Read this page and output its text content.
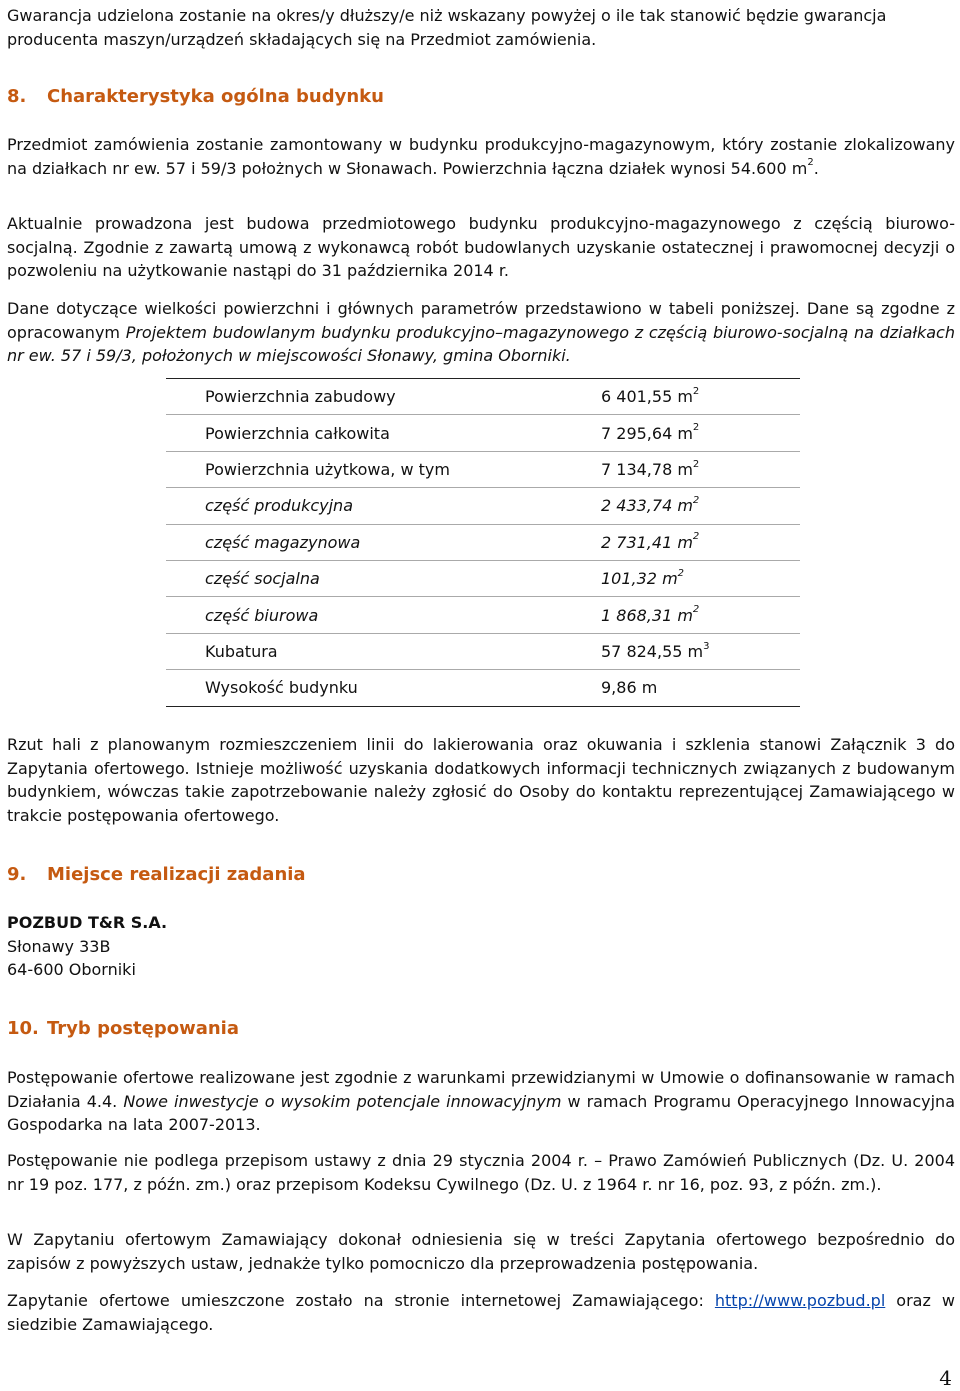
Gwarancja udzielona zostanie na okres/y dłuższy/e niż wskazany powyżej o ile tak stanowić będzie gwarancja
producenta maszyn/urządzeń składających się na Przedmiot zamówienia.
8. Charakterystyka ogólna budynku
Przedmiot zamówienia zostanie zamontowany w budynku produkcyjno-magazynowym, który zostanie zlokalizowany na działkach nr ew. 57 i 59/3 położnych w Słonawach. Powierzchnia łączna działek wynosi 54.600 $m^2$.
Aktualnie prowadzona jest budowa przedmiotowego budynku produkcyjno-magazynowego z częścią biurowo-socjalną. Zgodnie z zawartą umową z wykonawcą robót budowlanych uzyskanie ostatecznej i prawomocnej decyzji o pozwoleniu na użytkowanie nastąpi do 31 października 2014 r.
Dane dotyczące wielkości powierzchni i głównych parametrów przedstawiono w tabeli poniższej. Dane są zgodne z opracowanym Projektem budowlanym budynku produkcyjno–magazynowego z częścią biurowo-socjalną na działkach nr ew. 57 i 59/3, położonych w miejscowości Słonawy, gmina Oborniki.
Powierzchnia zabudowy	6 401,55 $m^2$
Powierzchnia całkowita	7 295,64 $m^2$
Powierzchnia użytkowa, w tym	7 134,78 $m^2$
część produkcyjna	2 433,74 $m^2$
część magazynowa	2 731,41 $m^2$
część socjalna	101,32 $m^2$
część biurowa	1 868,31 $m^2$
Kubatura	57 824,55 $m^3$
Wysokość budynku	9,86 m
Rzut hali z planowanym rozmieszczeniem linii do lakierowania oraz okuwania i szklenia stanowi Załącznik 3 do Zapytania ofertowego. Istnieje możliwość uzyskania dodatkowych informacji technicznych związanych z budowanym budynkiem, wówczas takie zapotrzebowanie należy zgłosić do Osoby do kontaktu reprezentującej Zamawiającego w trakcie postępowania ofertowego.
9. Miejsce realizacji zadania
POZBUD T&R S.A.
Słonawy 33B
64-600 Oborniki
10. Tryb postępowania
Postępowanie ofertowe realizowane jest zgodnie z warunkami przewidzianymi w Umowie o dofinansowanie w ramach Działania 4.4. Nowe inwestycje o wysokim potencjale innowacyjnym w ramach Programu Operacyjnego Innowacyjna Gospodarka na lata 2007-2013.
Postępowanie nie podlega przepisom ustawy z dnia 29 stycznia 2004 r. – Prawo Zamówień Publicznych (Dz. U. 2004 nr 19 poz. 177, z późn. zm.) oraz przepisom Kodeksu Cywilnego (Dz. U. z 1964 r. nr 16, poz. 93, z późn. zm.).
W Zapytaniu ofertowym Zamawiający dokonał odniesienia się w treści Zapytania ofertowego bezpośrednio do zapisów z powyższych ustaw, jednakże tylko pomocniczo dla przeprowadzenia postępowania.
Zapytanie ofertowe umieszczone zostało na stronie internetowej Zamawiającego: http://www.pozbud.pl oraz w siedzibie Zamawiającego.
4
